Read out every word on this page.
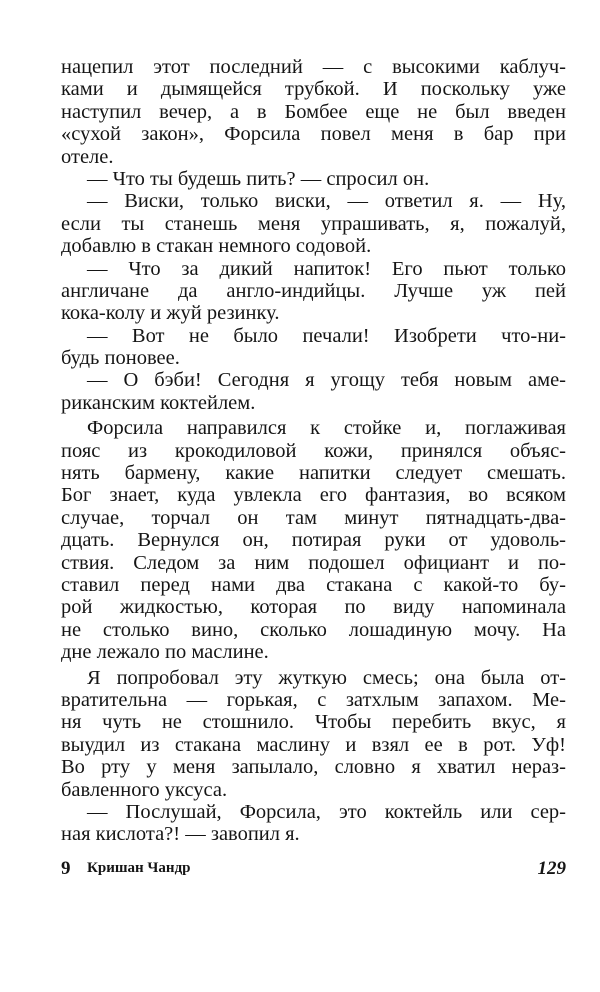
нацепил этот последний — с высокими каблуч-
ками и дымящейся трубкой. И поскольку уже
наступил вечер, а в Бомбее еще не был введен
«сухой закон», Форсила повел меня в бар при
отеле.
— Что ты будешь пить? — спросил он.
— Виски, только виски, — ответил я. — Ну,
если ты станешь меня упрашивать, я, пожалуй,
добавлю в стакан немного содовой.
— Что за дикий напиток! Его пьют только
англичане да англо-индийцы. Лучше уж пей
кока-колу и жуй резинку.
— Вот не было печали! Изобрети что-ни-
будь поновее.
— О бэби! Сегодня я угощу тебя новым аме-
риканским коктейлем.
Форсила направился к стойке и, поглаживая
пояс из крокодиловой кожи, принялся объяс-
нять бармену, какие напитки следует смешать.
Бог знает, куда увлекла его фантазия, во всяком
случае, торчал он там минут пятнадцать-два-
дцать. Вернулся он, потирая руки от удоволь-
ствия. Следом за ним подошел официант и по-
ставил перед нами два стакана с какой-то бу-
рой жидкостью, которая по виду напоминала
не столько вино, сколько лошадиную мочу. На
дне лежало по маслине.
Я попробовал эту жуткую смесь; она была от-
вратительна — горькая, с затхлым запахом. Ме-
ня чуть не стошнило. Чтобы перебить вкус, я
выудил из стакана маслину и взял ее в рот. Уф!
Во рту у меня запылало, словно я хватил нераз-
бавленного уксуса.
— Послушай, Форсила, это коктейль или сер-
ная кислота?! — завопил я.
9 Кришан Чандр	129
